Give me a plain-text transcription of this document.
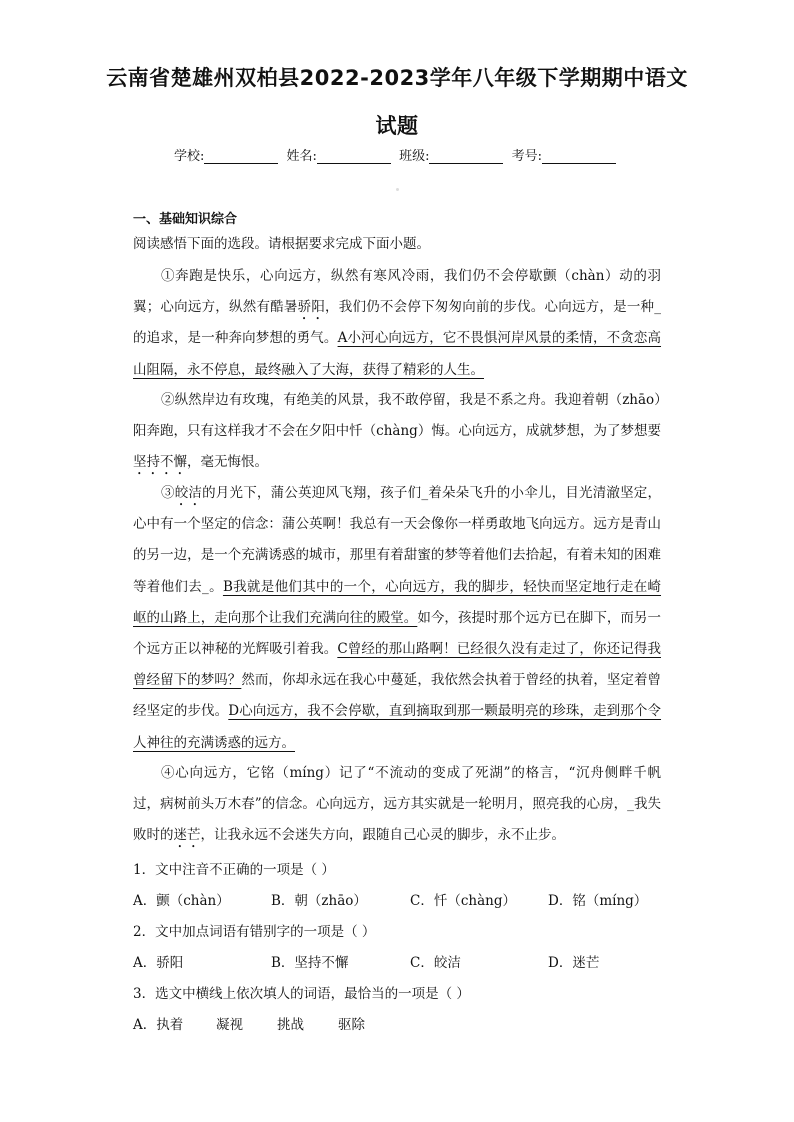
云南省楚雄州双柏县2022-2023学年八年级下学期期中语文
试题
学校:	姓名:	班级:	考号:
一、基础知识综合
阅读感悟下面的选段。请根据要求完成下面小题。

①奔跑是快乐，心向远方，纵然有寒风冷雨，我们仍不会停歇颤（chàn）动的羽翼；心向远方，纵然有酷暑骄阳，我们仍不会停下匆匆向前的步伐。心向远方，是一种_的追求，是一种奔向梦想的勇气。A小河心向远方，它不畏惧河岸风景的柔情，不贪恋高山阻隔，永不停息，最终融入了大海，获得了精彩的人生。

②纵然岸边有玫瑰，有绝美的风景，我不敢停留，我是不系之舟。我迎着朝（zhāo）阳奔跑，只有这样我才不会在夕阳中忏（chàng）悔。心向远方，成就梦想，为了梦想要坚持不懈，毫无悔恨。

③皎洁的月光下，蒲公英迎风飞翔，孩子们_着朵朵飞升的小伞儿，目光清澈坚定，心中有一个坚定的信念：蒲公英啊！我总有一天会像你一样勇敢地飞向远方。远方是青山的另一边，是一个充满诱惑的城市，那里有着甜蜜的梦等着他们去拾起，有着未知的困难等着他们去_。B我就是他们其中的一个，心向远方，我的脚步，轻快而坚定地行走在崎岖的山路上，走向那个让我们充满向往的殿堂。如今，孩提时那个远方已在脚下，而另一个远方正以神秘的光辉吸引着我。C曾经的那山路啊！已经很久没有走过了，你还记得我曾经留下的梦吗？然而，你却永远在我心中蔓延，我依然会执着于曾经的执着，坚定着曾经坚定的步伐。D心向远方，我不会停歇，直到摘取到那一颗最明亮的珍珠，走到那个令人神往的充满诱惑的远方。

④心向远方，它铭（míng）记了“不流动的变成了死湖”的格言，“沉舟侧畔千帆过，病树前头万木春”的信念。心向远方，远方其实就是一轮明月，照亮我的心房，_我失败时的迷芒，让我永远不会迷失方向，跟随自己心灵的脚步，永不止步。

1．文中注音不正确的一项是（ ）
A．颤（chàn）	B．朝（zhāo）	C．忏（chàng） D．铭（míng）
2．文中加点词语有错别字的一项是（ ）
A．骄阳	B．坚持不懈	C．皎洁	D．迷芒
3．选文中横线上依次填人的词语，最恰当的一项是（ ）
A．执着 凝视	挑战	驱除
